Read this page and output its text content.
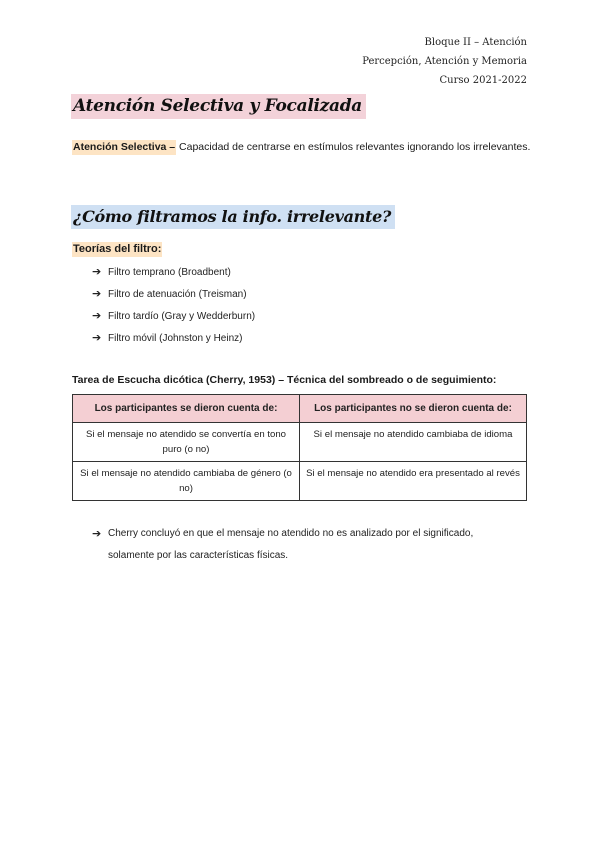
Bloque II – Atención
Percepción, Atención y Memoria
Curso 2021-2022
Atención Selectiva y Focalizada
Atención Selectiva – Capacidad de centrarse en estímulos relevantes ignorando los irrelevantes.
¿Cómo filtramos la info. irrelevante?
Teorías del filtro:
➔ Filtro temprano (Broadbent)
➔ Filtro de atenuación (Treisman)
➔ Filtro tardío (Gray y Wedderburn)
➔ Filtro móvil (Johnston y Heinz)
Tarea de Escucha dicótica (Cherry, 1953) – Técnica del sombreado o de seguimiento:
Los participantes se dieron cuenta de:	Los participantes no se dieron cuenta de:
Si el mensaje no atendido se convertía en tono puro (o no)	Si el mensaje no atendido cambiaba de idioma
Si el mensaje no atendido cambiaba de género (o no)	Si el mensaje no atendido era presentado al revés
➔ Cherry concluyó en que el mensaje no atendido no es analizado por el significado, solamente por las características físicas.
